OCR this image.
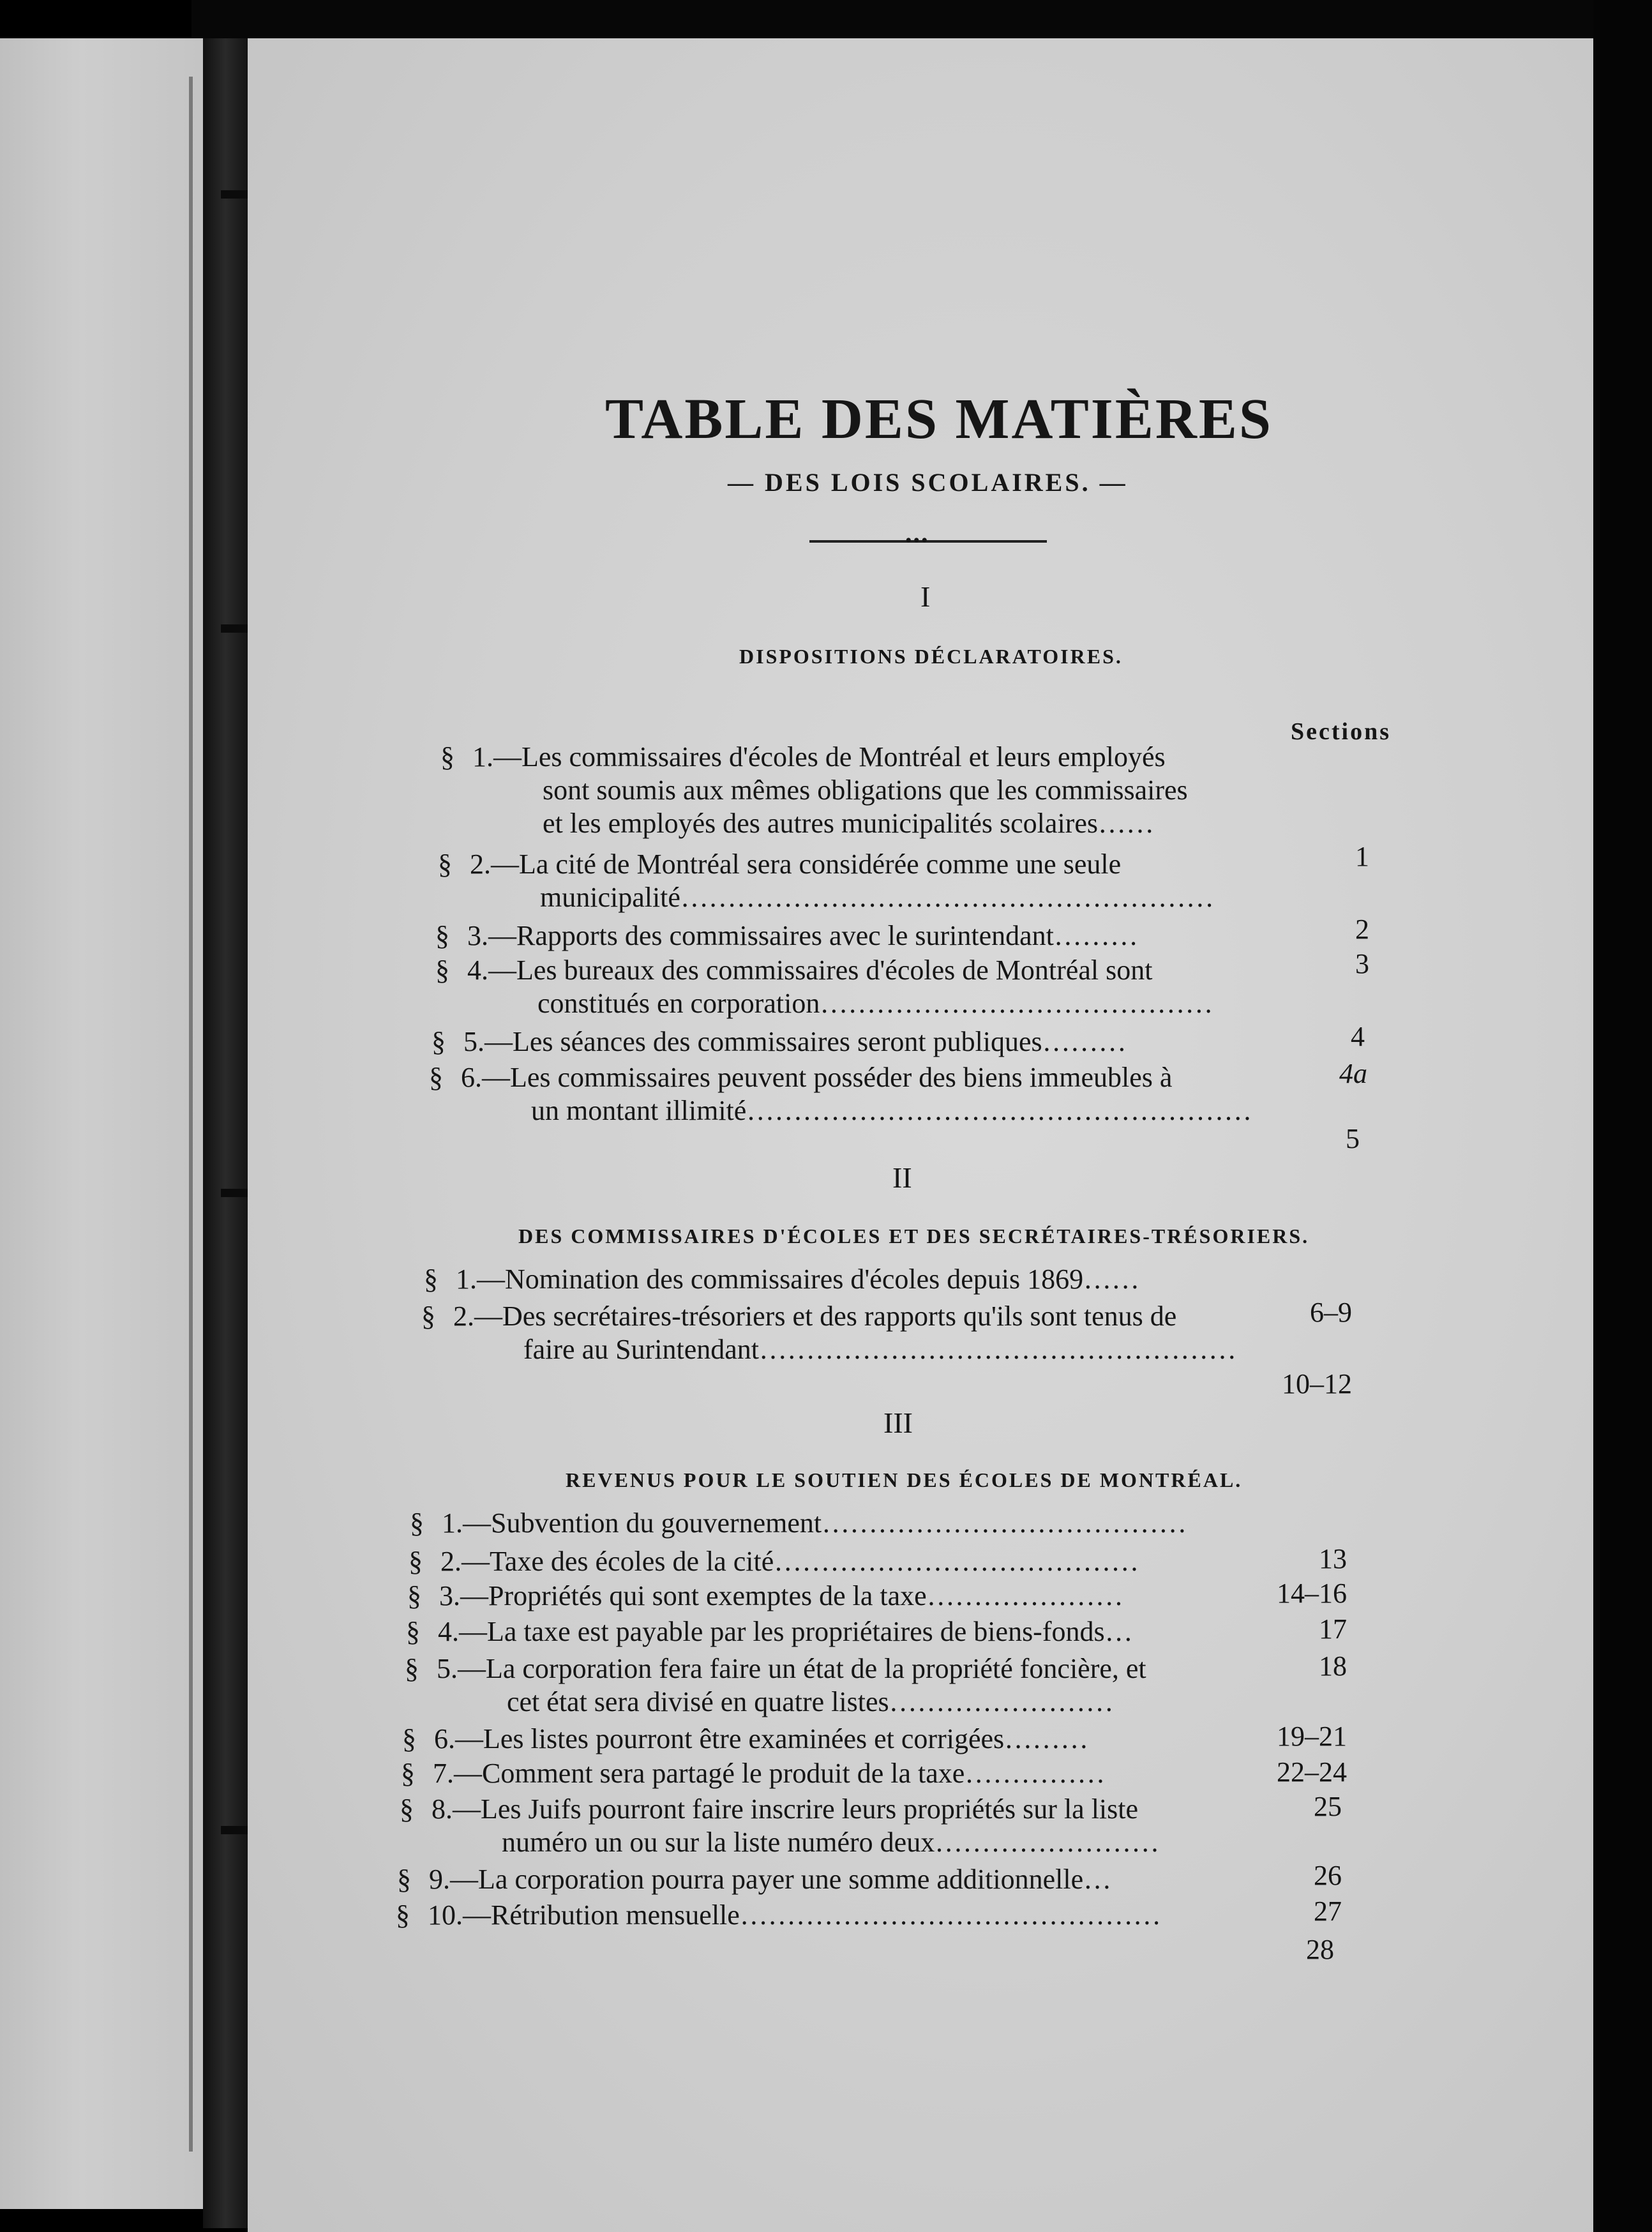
TABLE DES MATIÈRES
— DES LOIS SCOLAIRES. —
•••
I
DISPOSITIONS DÉCLARATOIRES.
Sections
§ 1.—Les commissaires d'écoles de Montréal et leurs employés
sont soumis aux mêmes obligations que les commissaires
et les employés des autres municipalités scolaires……
1
§ 2.—La cité de Montréal sera considérée comme une seule
municipalité…………………………………………………
2
§ 3.—Rapports des commissaires avec le surintendant………
3
§ 4.—Les bureaux des commissaires d'écoles de Montréal sont
constitués en corporation……………………………………
4
§ 5.—Les séances des commissaires seront publiques………
4a
§ 6.—Les commissaires peuvent posséder des biens immeubles à
un montant illimité………………………………………………
5
II
DES COMMISSAIRES D'ÉCOLES ET DES SECRÉTAIRES-TRÉSORIERS.
§ 1.—Nomination des commissaires d'écoles depuis 1869……
6–9
§ 2.—Des secrétaires-trésoriers et des rapports qu'ils sont tenus de
faire au Surintendant……………………………………………
10–12
III
REVENUS POUR LE SOUTIEN DES ÉCOLES DE MONTRÉAL.
§ 1.—Subvention du gouvernement…………………………………
13
§ 2.—Taxe des écoles de la cité…………………………………
14–16
§ 3.—Propriétés qui sont exemptes de la taxe…………………
17
§ 4.—La taxe est payable par les propriétaires de biens-fonds…
18
§ 5.—La corporation fera faire un état de la propriété foncière, et
cet état sera divisé en quatre listes……………………
19–21
§ 6.—Les listes pourront être examinées et corrigées………
22–24
§ 7.—Comment sera partagé le produit de la taxe……………
25
§ 8.—Les Juifs pourront faire inscrire leurs propriétés sur la liste
numéro un ou sur la liste numéro deux……………………
26
§ 9.—La corporation pourra payer une somme additionnelle…
27
§ 10.—Rétribution mensuelle………………………………………
28
